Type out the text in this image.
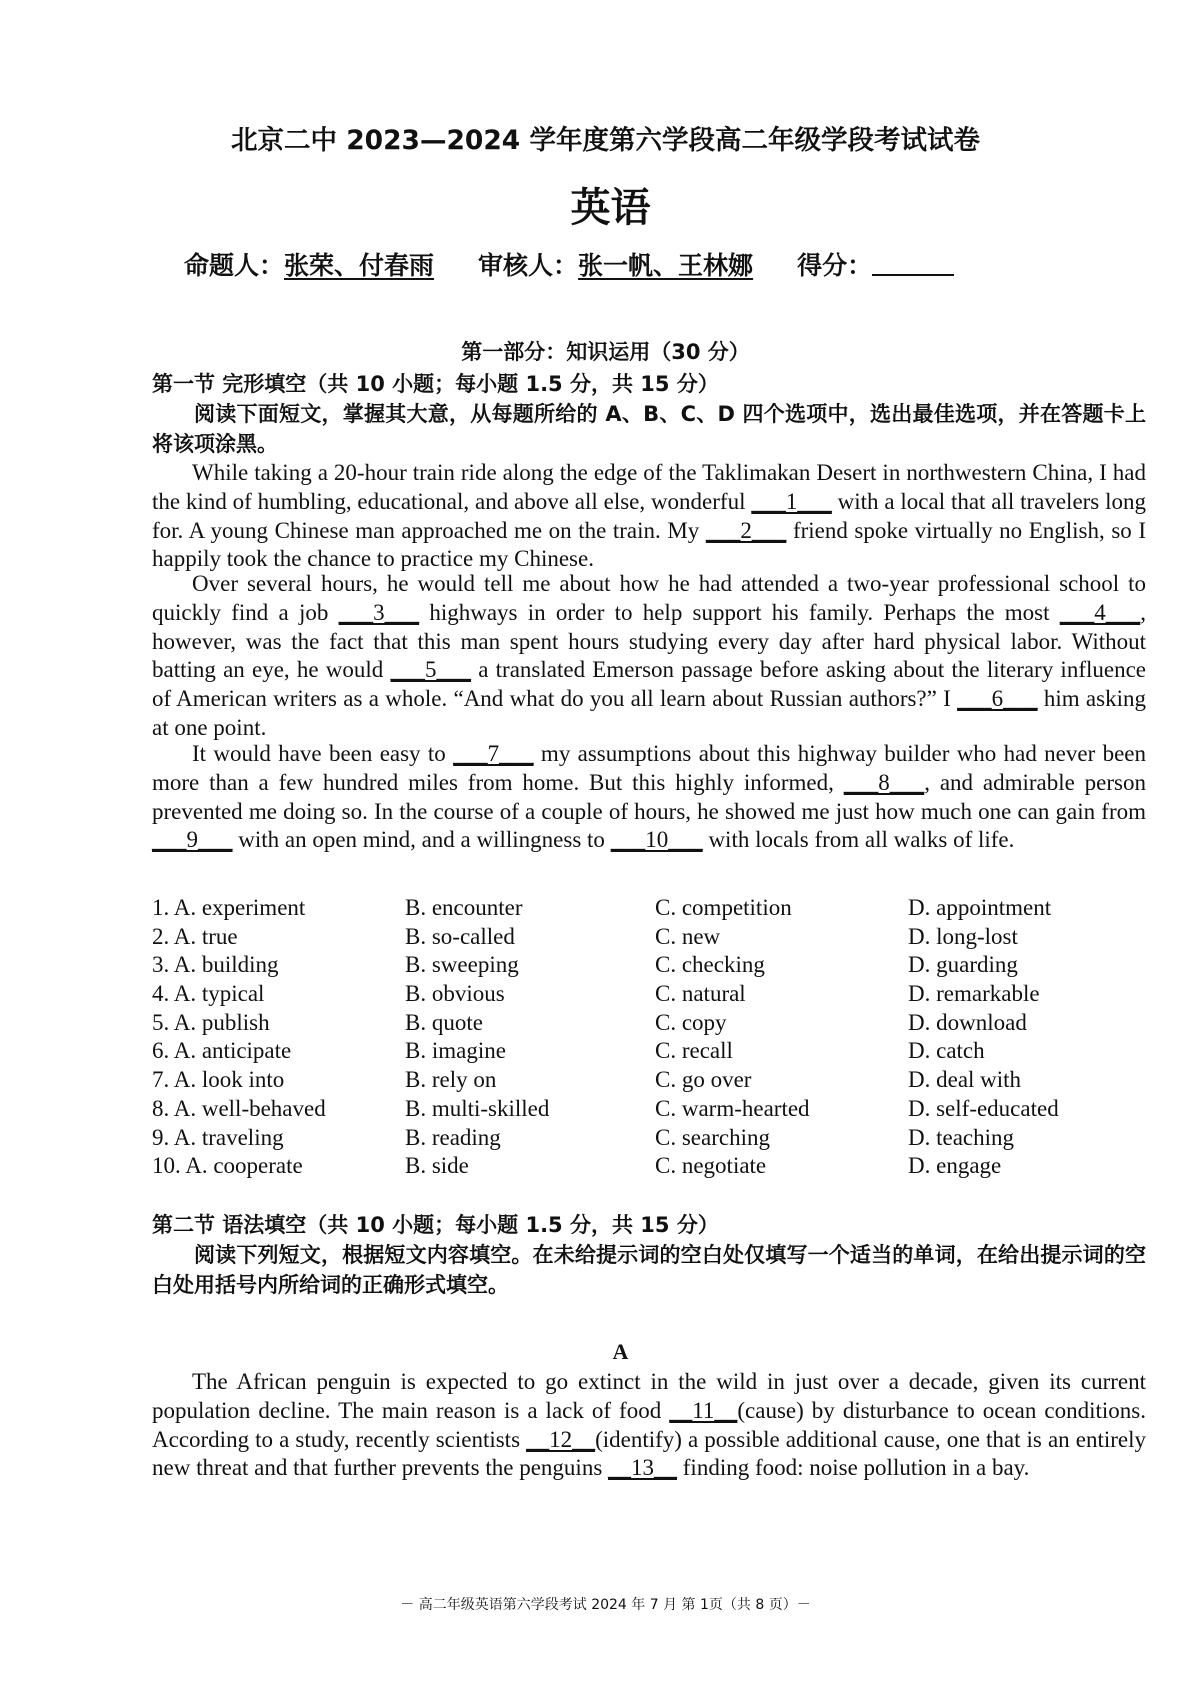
北京二中 2023—2024 学年度第六学段高二年级学段考试试卷
英语
命题人：张荣、付春雨 审核人：张一帆、王林娜 得分：
第一部分：知识运用（30 分）
第一节 完形填空（共 10 小题；每小题 1.5 分，共 15 分）
阅读下面短文，掌握其大意，从每题所给的 A、B、C、D 四个选项中，选出最佳选项，并在答题卡上将该项涂黑。
While taking a 20-hour train ride along the edge of the Taklimakan Desert in northwestern China, I had the kind of humbling, educational, and above all else, wonderful ___1___ with a local that all travelers long for. A young Chinese man approached me on the train. My ___2___ friend spoke virtually no English, so I happily took the chance to practice my Chinese.
Over several hours, he would tell me about how he had attended a two-year professional school to quickly find a job ___3___ highways in order to help support his family. Perhaps the most ___4___, however, was the fact that this man spent hours studying every day after hard physical labor. Without batting an eye, he would ___5___ a translated Emerson passage before asking about the literary influence of American writers as a whole. “And what do you all learn about Russian authors?” I ___6___ him asking at one point.
It would have been easy to ___7___ my assumptions about this highway builder who had never been more than a few hundred miles from home. But this highly informed, ___8___, and admirable person prevented me doing so. In the course of a couple of hours, he showed me just how much one can gain from ___9___ with an open mind, and a willingness to ___10___ with locals from all walks of life.
1. A. experiment	B. encounter	C. competition	D. appointment
2. A. true	B. so-called	C. new	D. long-lost
3. A. building	B. sweeping	C. checking	D. guarding
4. A. typical	B. obvious	C. natural	D. remarkable
5. A. publish	B. quote	C. copy	D. download
6. A. anticipate	B. imagine	C. recall	D. catch
7. A. look into	B. rely on	C. go over	D. deal with
8. A. well-behaved	B. multi-skilled	C. warm-hearted	D. self-educated
9. A. traveling	B. reading	C. searching	D. teaching
10. A. cooperate	B. side	C. negotiate	D. engage
第二节 语法填空（共 10 小题；每小题 1.5 分，共 15 分）
阅读下列短文，根据短文内容填空。在未给提示词的空白处仅填写一个适当的单词，在给出提示词的空白处用括号内所给词的正确形式填空。
A
The African penguin is expected to go extinct in the wild in just over a decade, given its current population decline. The main reason is a lack of food __11__(cause) by disturbance to ocean conditions. According to a study, recently scientists __12__(identify) a possible additional cause, one that is an entirely new threat and that further prevents the penguins __13__ finding food: noise pollution in a bay.
－ 高二年级英语第六学段考试 2024 年 7 月 第 1页（共 8 页）－
